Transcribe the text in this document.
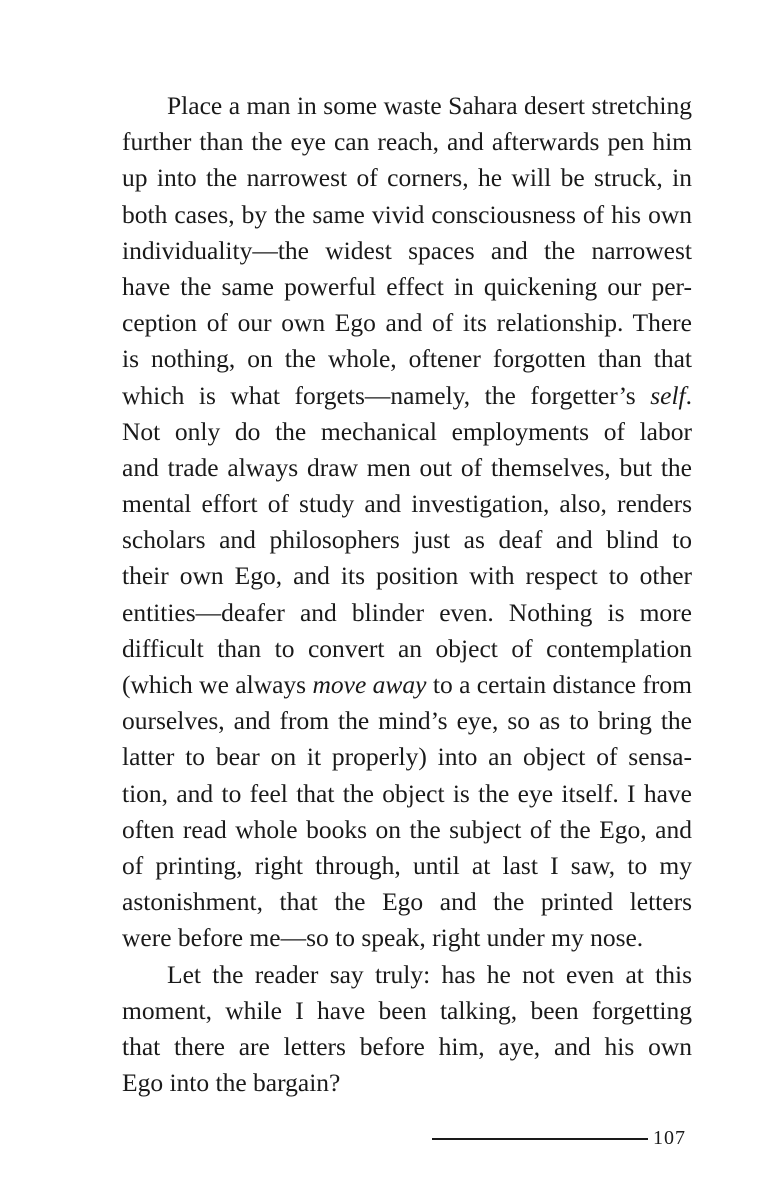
Place a man in some waste Sahara desert stretching
further than the eye can reach, and afterwards pen him
up into the narrowest of corners, he will be struck, in
both cases, by the same vivid consciousness of his own
individuality—the widest spaces and the narrowest
have the same powerful effect in quickening our per-
ception of our own Ego and of its relationship. There
is nothing, on the whole, oftener forgotten than that
which is what forgets—namely, the forgetter’s self.
Not only do the mechanical employments of labor
and trade always draw men out of themselves, but the
mental effort of study and investigation, also, renders
scholars and philosophers just as deaf and blind to
their own Ego, and its position with respect to other
entities—deafer and blinder even. Nothing is more
difficult than to convert an object of contemplation
(which we always move away to a certain distance from
ourselves, and from the mind’s eye, so as to bring the
latter to bear on it properly) into an object of sensa-
tion, and to feel that the object is the eye itself. I have
often read whole books on the subject of the Ego, and
of printing, right through, until at last I saw, to my
astonishment, that the Ego and the printed letters
were before me—so to speak, right under my nose.
Let the reader say truly: has he not even at this
moment, while I have been talking, been forgetting
that there are letters before him, aye, and his own
Ego into the bargain?
107
